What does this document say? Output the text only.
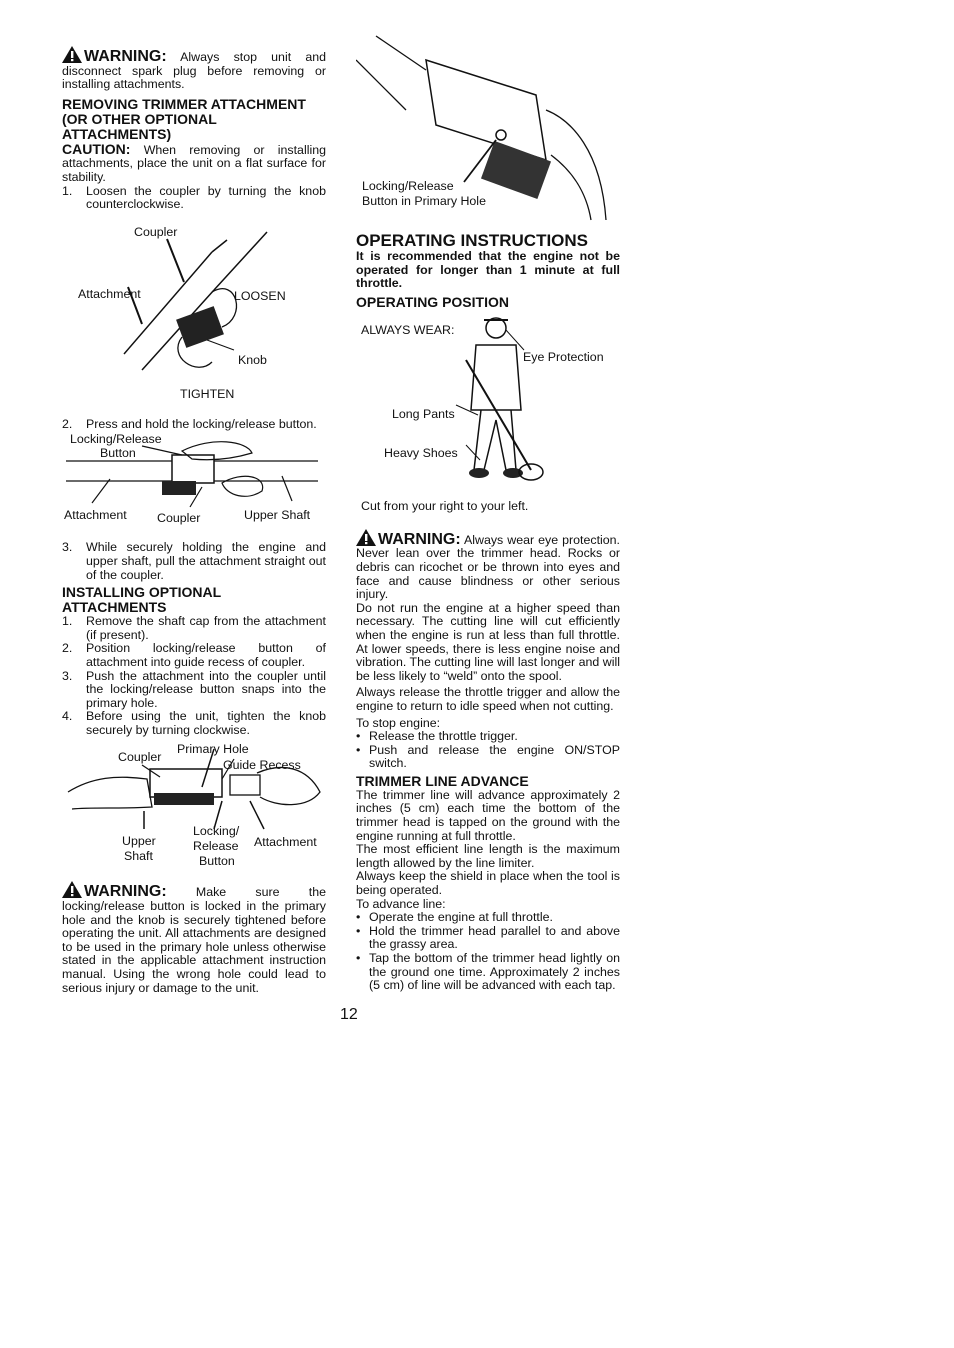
WARNING: Always stop unit and disconnect spark plug before removing or installing attachments.

REMOVING TRIMMER ATTACHMENT (OR OTHER OPTIONAL ATTACHMENTS)

CAUTION: When removing or installing attachments, place the unit on a flat surface for stability.

1.	Loosen the coupler by turning the knob counterclockwise.
Coupler
Attachment	LOOSEN
Knob
TIGHTEN
2.	Press and hold the locking/release button.
Locking/Release
Button
Attachment Coupler	Upper Shaft
3.	While securely holding the engine and upper shaft, pull the attachment straight out of the coupler.
INSTALLING OPTIONAL ATTACHMENTS
1.	Remove the shaft cap from the attachment (if present).
2.	Position locking/release button of attachment into guide recess of coupler.
3.	Push the attachment into the coupler until the locking/release button snaps into the primary hole.
4.	Before using the unit, tighten the knob securely by turning clockwise.
Coupler
Primary Hole
Guide Recess
Upper
Shaft
Locking/
Release
Button
Attachment

WARNING: Make sure the locking/release button is locked in the primary hole and the knob is securely tightened before operating the unit. All attachments are designed to be used in the primary hole unless otherwise stated in the applicable attachment instruction manual. Using the wrong hole could lead to serious injury or damage to the unit.

Locking/Release
Button in Primary Hole
OPERATING INSTRUCTIONS

It is recommended that the engine not be operated for longer than 1 minute at full throttle.

OPERATING POSITION
ALWAYS WEAR:
Eye Protection
Long Pants
Heavy Shoes
Cut from your right to your left.

WARNING: Always wear eye protection. Never lean over the trimmer head. Rocks or debris can ricochet or be thrown into eyes and face and cause blindness or other serious injury.

Do not run the engine at a higher speed than necessary. The cutting line will cut efficiently when the engine is run at less than full throttle. At lower speeds, there is less engine noise and vibration. The cutting line will last longer and will be less likely to “weld” onto the spool.

Always release the throttle trigger and allow the engine to return to idle speed when not cutting.

To stop engine:

• Release the throttle trigger.
• Push and release the engine ON/STOP switch.
TRIMMER LINE ADVANCE

The trimmer line will advance approximately 2 inches (5 cm) each time the bottom of the trimmer head is tapped on the ground with the engine running at full throttle.

The most efficient line length is the maximum length allowed by the line limiter.

Always keep the shield in place when the tool is being operated.

To advance line:

• Operate the engine at full throttle.
• Hold the trimmer head parallel to and above the grassy area.
• Tap the bottom of the trimmer head lightly on the ground one time. Approximately 2 inches (5 cm) of line will be advanced with each tap.
12
